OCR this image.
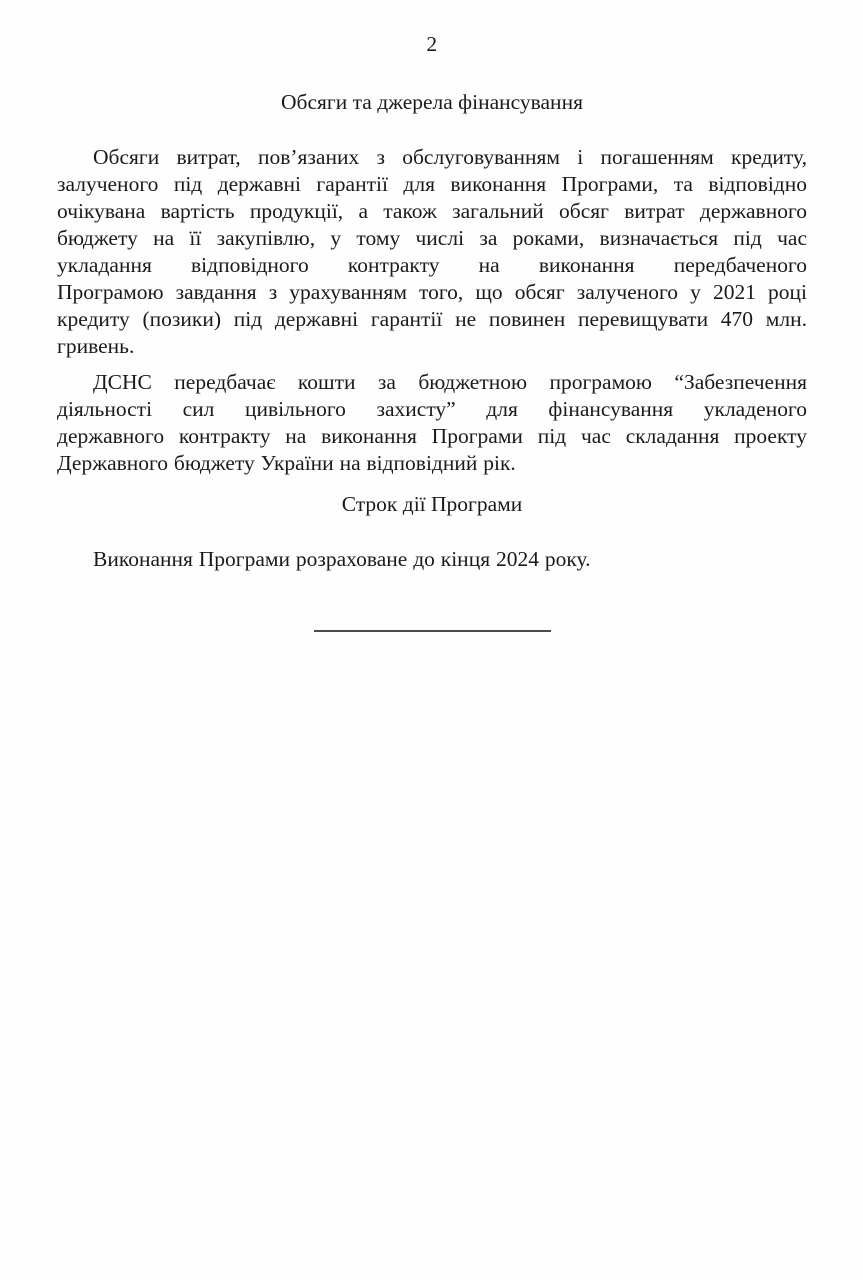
2
Обсяги та джерела фінансування
Обсяги витрат, пов’язаних з обслуговуванням і погашенням кредиту,
залученого під державні гарантії для виконання Програми, та відповідно
очікувана вартість продукції, а також загальний обсяг витрат державного
бюджету на її закупівлю, у тому числі за роками, визначається під час
укладання відповідного контракту на виконання передбаченого
Програмою завдання з урахуванням того, що обсяг залученого у 2021 році
кредиту (позики) під державні гарантії не повинен перевищувати 470 млн.
гривень.
ДСНС передбачає кошти за бюджетною програмою “Забезпечення
діяльності сил цивільного захисту” для фінансування укладеного
державного контракту на виконання Програми під час складання проекту
Державного бюджету України на відповідний рік.
Строк дії Програми
Виконання Програми розраховане до кінця 2024 року.
